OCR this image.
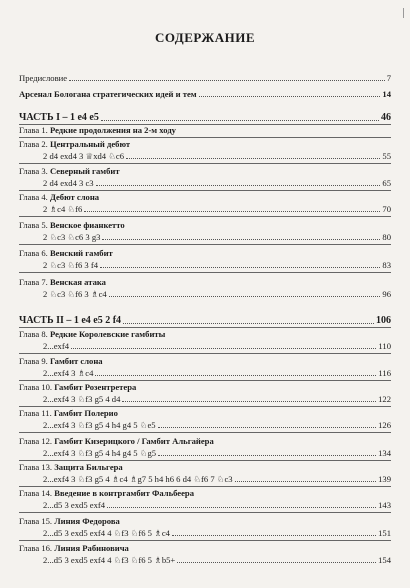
СОДЕРЖАНИЕ
Предисловие	7
Арсенал Бологана стратегических идей и тем	14
ЧАСТЬ I – 1 e4 e5	46
Глава 1. Редкие продолжения на 2-м ходу
Глава 2. Центральный дебют
2 d4 exd4 3 ♕xd4 ♘c6	55
Глава 3. Северный гамбит
2 d4 exd4 3 c3	65
Глава 4. Дебют слона
2 ♗c4 ♘f6	70
Глава 5. Венское фианкетто
2 ♘c3 ♘c6 3 g3	80
Глава 6. Венский гамбит
2 ♘c3 ♘f6 3 f4	83
Глава 7. Венская атака
2 ♘c3 ♘f6 3 ♗c4	96
ЧАСТЬ II – 1 e4 e5 2 f4	106
Глава 8. Редкие Королевские гамбиты
2...exf4	110
Глава 9. Гамбит слона
2...exf4 3 ♗c4	116
Глава 10. Гамбит Розентретера
2...exf4 3 ♘f3 g5 4 d4	122
Глава 11. Гамбит Полерио
2...exf4 3 ♘f3 g5 4 h4 g4 5 ♘e5	126
Глава 12. Гамбит Кизерицкого / Гамбит Альгайера
2...exf4 3 ♘f3 g5 4 h4 g4 5 ♘g5	134
Глава 13. Защита Бильгера
2...exf4 3 ♘f3 g5 4 ♗c4 ♗g7 5 h4 h6 6 d4 ♘f6 7 ♘c3	139
Глава 14. Введение в контргамбит Фальбеера
2...d5 3 exd5 exf4	143
Глава 15. Линия Федорова
2...d5 3 exd5 exf4 4 ♘f3 ♘f6 5 ♗c4	151
Глава 16. Линия Рабиновича
2...d5 3 exd5 exf4 4 ♘f3 ♘f6 5 ♗b5+	154
